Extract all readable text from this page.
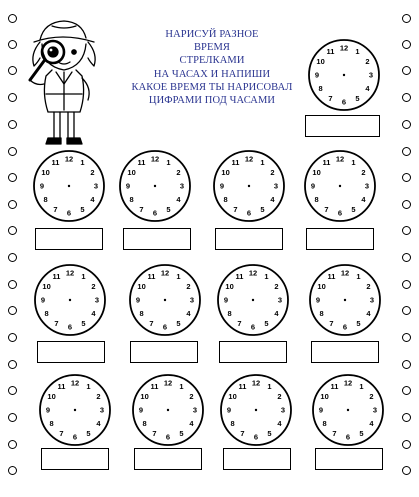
НАРИСУЙ РАЗНОЕ
ВРЕМЯ
СТРЕЛКАМИ
НА ЧАСАХ И НАПИШИ
КАКОЕ ВРЕМЯ ТЫ НАРИСОВАЛ
ЦИФРАМИ ПОД ЧАСАМИ
12 1
2
3
4
5
6
7
8
9
10
11
12 1
2
3
4
5
6
7
8
9
10
11	12 1
2
3
4
5
6
7
8
9
10
11	12 1
2
3
4
5
6
7
8
9
10
11	12 1
2
3
4
5
6
7
8
9
10
11
12 1
2
3
4
5
6
7
8
9
10
11	12 1
2
3
4
5
6
7
8
9
10
11	12 1
2
3
4
5
6
7
8
9
10
11	12 1
2
3
4
5
6
7
8
9
10
11
12 1
2
3
4
5
6
7
8
9
10
11	12 1
2
3
4
5
6
7
8
9
10
11	12 1
2
3
4
5
6
7
8
9
10
11	12 1
2
3
4
5
6
7
8
9
10
11
